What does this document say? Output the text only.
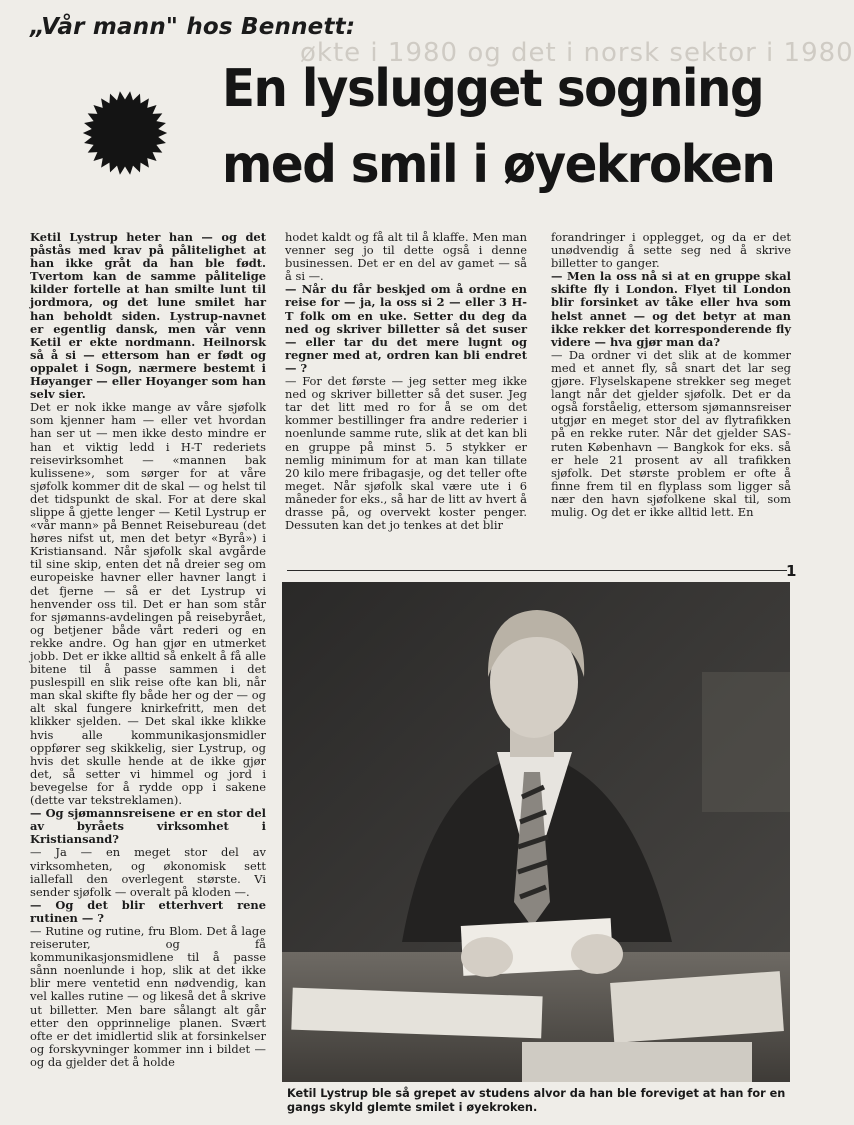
økte i 1980 og det i norsk sektor i 1980
„Vår mann" hos Bennett:
En lyslugget sogning
med smil i øyekroken

Ketil Lystrup heter han — og det påstås med krav på pålitelighet at han ikke gråt da han ble født. Tvertom kan de samme pålitelige kilder fortelle at han smilte lunt til jordmora, og det lune smilet har han beholdt siden. Lystrup-navnet er egentlig dansk, men vår venn Ketil er ekte nordmann. Heilnorsk så å si — ettersom han er født og oppalet i Sogn, nærmere bestemt i Høyanger — eller Hoyanger som han selv sier.

Det er nok ikke mange av våre sjøfolk som kjenner ham — eller vet hvordan han ser ut — men ikke desto mindre er han et viktig ledd i H-T rederiets reisevirksomhet — «mannen bak kulissene», som sørger for at våre sjøfolk kommer dit de skal — og helst til det tidspunkt de skal. For at dere skal slippe å gjette lenger — Ketil Lystrup er «vår mann» på Bennet Reisebureau (det høres nifst ut, men det betyr «Byrå») i Kristiansand. Når sjøfolk skal avgårde til sine skip, enten det nå dreier seg om europeiske havner eller havner langt i det fjerne — så er det Lystrup vi henvender oss til. Det er han som står for sjømanns-avdelingen på reisebyrået, og betjener både vårt rederi og en rekke andre. Og han gjør en utmerket jobb. Det er ikke alltid så enkelt å få alle bitene til å passe sammen i det puslespill en slik reise ofte kan bli, når man skal skifte fly både her og der — og alt skal fungere knirkefritt, men det klikker sjelden. — Det skal ikke klikke hvis alle kommunikasjonsmidler oppfører seg skikkelig, sier Lystrup, og hvis det skulle hende at de ikke gjør det, så setter vi himmel og jord i bevegelse for å rydde opp i sakene (dette var tekstreklamen).

— Og sjømannsreisene er en stor del av byråets virksomhet i Kristiansand?

— Ja — en meget stor del av virksomheten, og økonomisk sett iallefall den overlegent største. Vi sender sjøfolk — overalt på kloden —.

— Og det blir etterhvert rene rutinen — ?

— Rutine og rutine, fru Blom. Det å lage reiseruter, og få kommunikasjonsmidlene til å passe sånn noenlunde i hop, slik at det ikke blir mere ventetid enn nødvendig, kan vel kalles rutine — og likeså det å skrive ut billetter. Men bare sålangt alt går etter den opprinnelige planen. Svært ofte er det imidlertid slik at forsinkelser og forskyvninger kommer inn i bildet — og da gjelder det å holde

hodet kaldt og få alt til å klaffe. Men man venner seg jo til dette også i denne businessen. Det er en del av gamet — så å si —.

— Når du får beskjed om å ordne en reise for — ja, la oss si 2 — eller 3 H-T folk om en uke. Setter du deg da ned og skriver billetter så det suser — eller tar du det mere lugnt og regner med at, ordren kan bli endret — ?

— For det første — jeg setter meg ikke ned og skriver billetter så det suser. Jeg tar det litt med ro for å se om det kommer bestillinger fra andre rederier i noenlunde samme rute, slik at det kan bli en gruppe på minst 5. 5 stykker er nemlig minimum for at man kan tillate 20 kilo mere fribagasje, og det teller ofte meget. Når sjøfolk skal være ute i 6 måneder for eks., så har de litt av hvert å drasse på, og overvekt koster penger. Dessuten kan det jo tenkes at det blir

forandringer i opplegget, og da er det unødvendig å sette seg ned å skrive billetter to ganger.

— Men la oss nå si at en gruppe skal skifte fly i London. Flyet til London blir forsinket av tåke eller hva som helst annet — og det betyr at man ikke rekker det korresponderende fly videre — hva gjør man da?

— Da ordner vi det slik at de kommer med et annet fly, så snart det lar seg gjøre. Flyselskapene strekker seg meget langt når det gjelder sjøfolk. Det er da også forståelig, ettersom sjømannsreiser utgjør en meget stor del av flytrafikken på en rekke ruter. Når det gjelder SAS-ruten København — Bangkok for eks. så er hele 21 prosent av all trafikken sjøfolk. Det største problem er ofte å finne frem til en flyplass som ligger så nær den havn sjøfolkene skal til, som mulig. Og det er ikke alltid lett. En

1
Ketil Lystrup ble så grepet av studens alvor da han ble foreviget at han for en gangs skyld glemte smilet i øyekroken.
